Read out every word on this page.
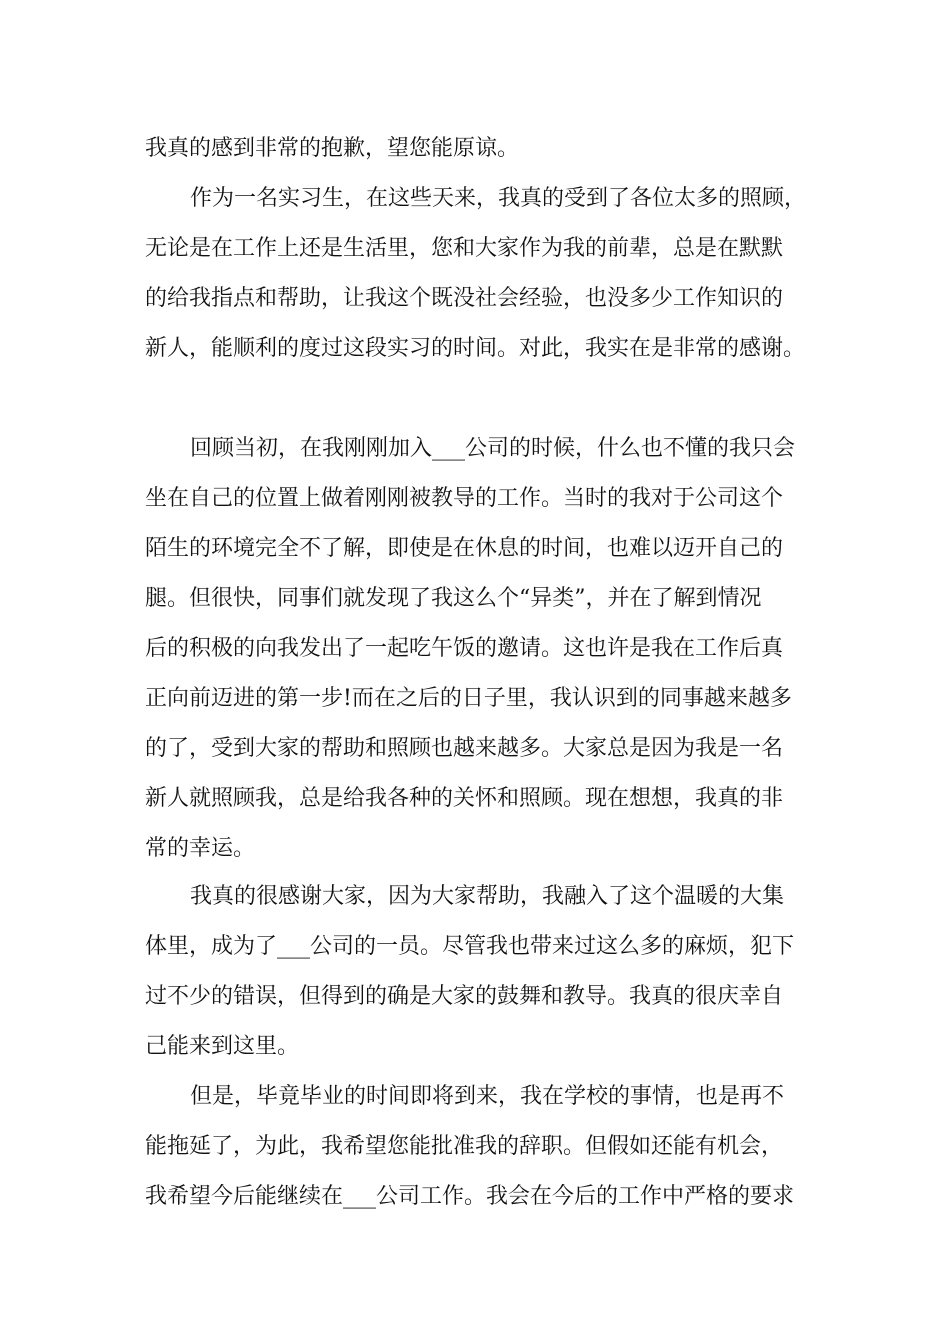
我真的感到非常的抱歉，望您能原谅。
作为一名实习生，在这些天来，我真的受到了各位太多的照顾，
无论是在工作上还是生活里，您和大家作为我的前辈，总是在默默
的给我指点和帮助，让我这个既没社会经验，也没多少工作知识的
新人，能顺利的度过这段实习的时间。对此，我实在是非常的感谢。
回顾当初，在我刚刚加入___公司的时候，什么也不懂的我只会
坐在自己的位置上做着刚刚被教导的工作。当时的我对于公司这个
陌生的环境完全不了解，即使是在休息的时间，也难以迈开自己的
腿。但很快，同事们就发现了我这么个“异类”，并在了解到情况
后的积极的向我发出了一起吃午饭的邀请。这也许是我在工作后真
正向前迈进的第一步!而在之后的日子里，我认识到的同事越来越多
的了，受到大家的帮助和照顾也越来越多。大家总是因为我是一名
新人就照顾我，总是给我各种的关怀和照顾。现在想想，我真的非
常的幸运。
我真的很感谢大家，因为大家帮助，我融入了这个温暖的大集
体里，成为了___公司的一员。尽管我也带来过这么多的麻烦，犯下
过不少的错误，但得到的确是大家的鼓舞和教导。我真的很庆幸自
己能来到这里。
但是，毕竟毕业的时间即将到来，我在学校的事情，也是再不
能拖延了，为此，我希望您能批准我的辞职。但假如还能有机会，
我希望今后能继续在___公司工作。我会在今后的工作中严格的要求
